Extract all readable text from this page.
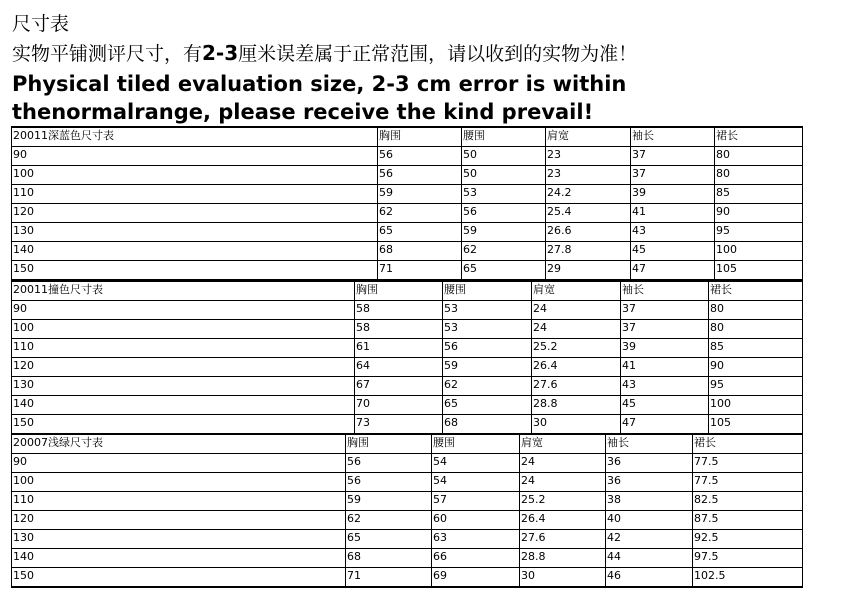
尺寸表
实物平铺测评尺寸，有2-3厘米误差属于正常范围，请以收到的实物为准！
Physical tiled evaluation size, 2-3 cm error is within
thenormalrange, please receive the kind prevail!
20011深蓝色尺寸表	胸围	腰围	肩宽	袖长	裙长
90	56	50	23	37	80
100	56	50	23	37	80
110	59	53	24.2	39	85
120	62	56	25.4	41	90
130	65	59	26.6	43	95
140	68	62	27.8	45	100
150	71	65	29	47	105
20011撞色尺寸表	胸围	腰围	肩宽	袖长	裙长
90	58	53	24	37	80
100	58	53	24	37	80
110	61	56	25.2	39	85
120	64	59	26.4	41	90
130	67	62	27.6	43	95
140	70	65	28.8	45	100
150	73	68	30	47	105
20007浅绿尺寸表	胸围	腰围	肩宽	袖长	裙长
90	56	54	24	36	77.5
100	56	54	24	36	77.5
110	59	57	25.2	38	82.5
120	62	60	26.4	40	87.5
130	65	63	27.6	42	92.5
140	68	66	28.8	44	97.5
150	71	69	30	46	102.5
